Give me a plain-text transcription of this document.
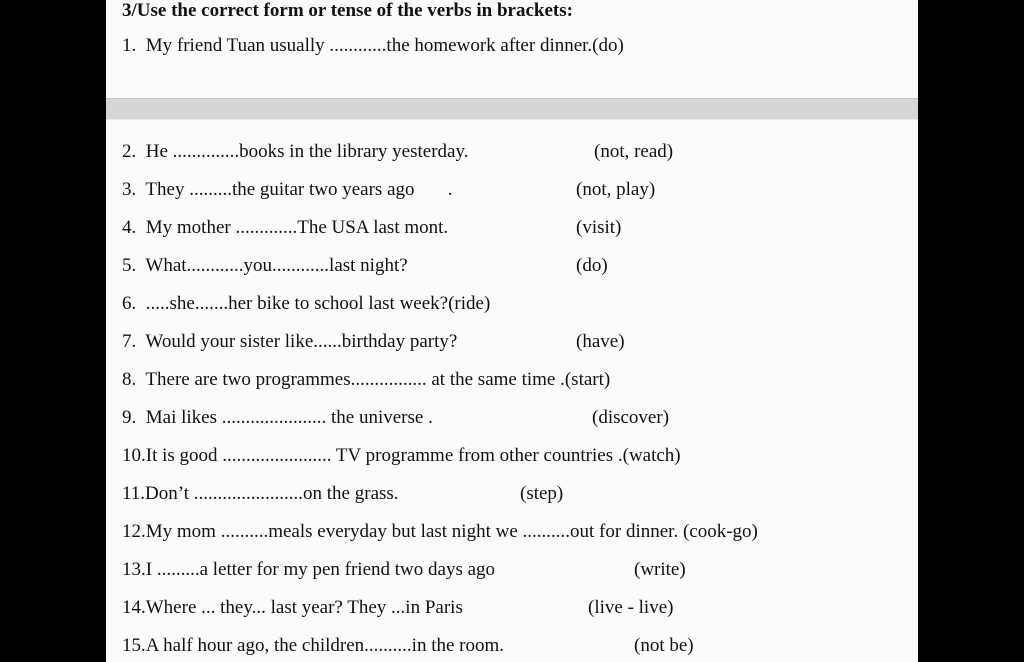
3/Use the correct form or tense of the verbs in brackets:
1.  My friend Tuan usually ............the homework after dinner.(do)
2.  He ..............books in the library yesterday.	(not, read)
3.  They .........the guitar two years ago       .	(not, play)
4.  My mother .............The USA last mont.	(visit)
5.  What............you............last night?	(do)
6.  .....she.......her bike to school last week?(ride)
7.  Would your sister like......birthday party?	(have)
8.  There are two programmes................ at the same time .(start)
9.  Mai likes ...................... the universe .	(discover)
10.It is good ....................... TV programme from other countries .(watch)
11.Don’t .......................on the grass.	(step)
12.My mom ..........meals everyday but last night we ..........out for dinner. (cook-go)
13.I .........a letter for my pen friend two days ago	(write)
14.Where ... they... last year? They ...in Paris	(live - live)
15.A half hour ago, the children..........in the room.	(not be)
